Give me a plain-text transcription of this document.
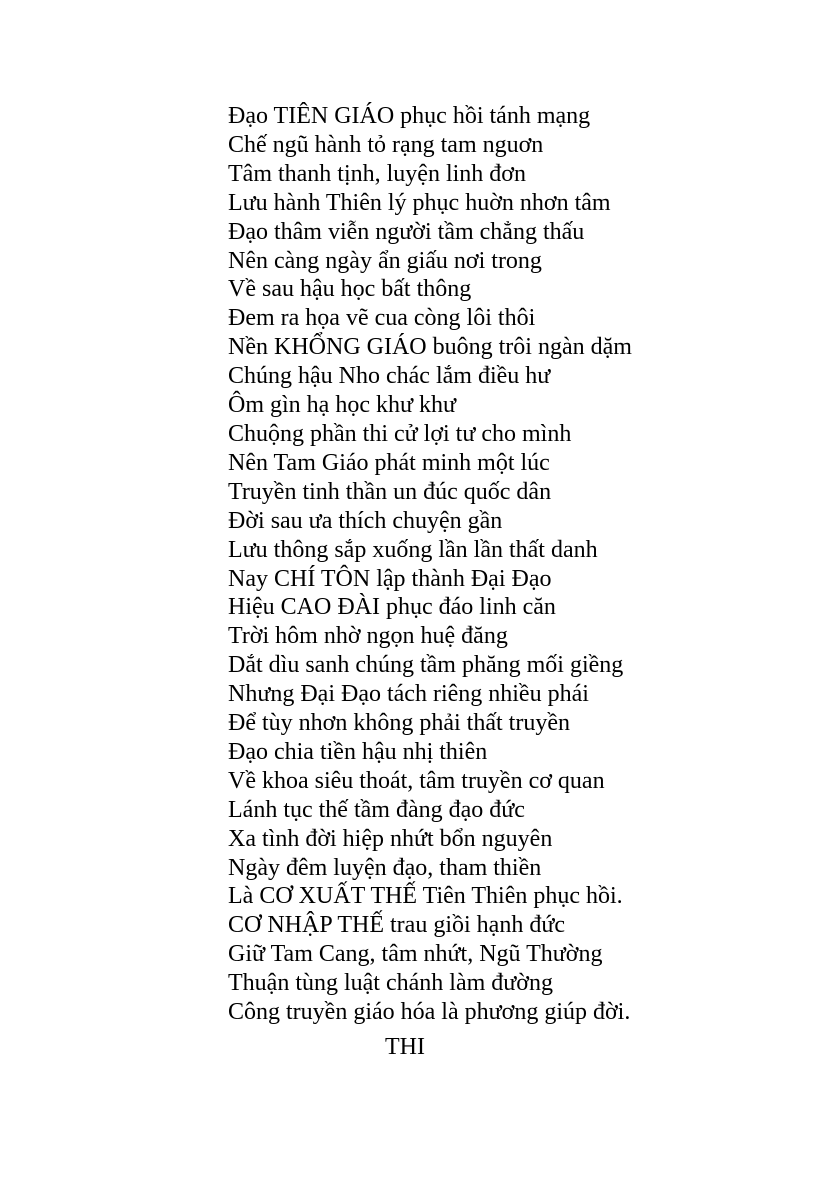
Đạo TIÊN GIÁO phục hồi tánh mạng
Chế ngũ hành tỏ rạng tam nguơn
Tâm thanh tịnh, luyện linh đơn
Lưu hành Thiên lý phục huờn nhơn tâm
Đạo thâm viễn người tầm chẳng thấu
Nên càng ngày ẩn giấu nơi trong
Về sau hậu học bất thông
Đem ra họa vẽ cua còng lôi thôi
Nền KHỔNG GIÁO buông trôi ngàn dặm
Chúng hậu Nho chác lắm điều hư
Ôm gìn hạ học khư khư
Chuộng phần thi cử lợi tư cho mình
Nên Tam Giáo phát minh một lúc
Truyền tinh thần un đúc quốc dân
Đời sau ưa thích chuyện gần
Lưu thông sắp xuống lần lần thất danh
Nay CHÍ TÔN lập thành Đại Đạo
Hiệu CAO ĐÀI phục đáo linh căn
Trời hôm nhờ ngọn huệ đăng
Dắt dìu sanh chúng tầm phăng mối giềng
Nhưng Đại Đạo tách riêng nhiều phái
Để tùy nhơn không phải thất truyền
Đạo chia tiền hậu nhị thiên
Về khoa siêu thoát, tâm truyền cơ quan
Lánh tục thế tầm đàng đạo đức
Xa tình đời hiệp nhứt bổn nguyên
Ngày đêm luyện đạo, tham thiền
Là CƠ XUẤT THẾ Tiên Thiên phục hồi.
CƠ NHẬP THẾ trau giồi hạnh đức
Giữ Tam Cang, tâm nhứt, Ngũ Thường
Thuận tùng luật chánh làm đường
Công truyền giáo hóa là phương giúp đời.
THI
